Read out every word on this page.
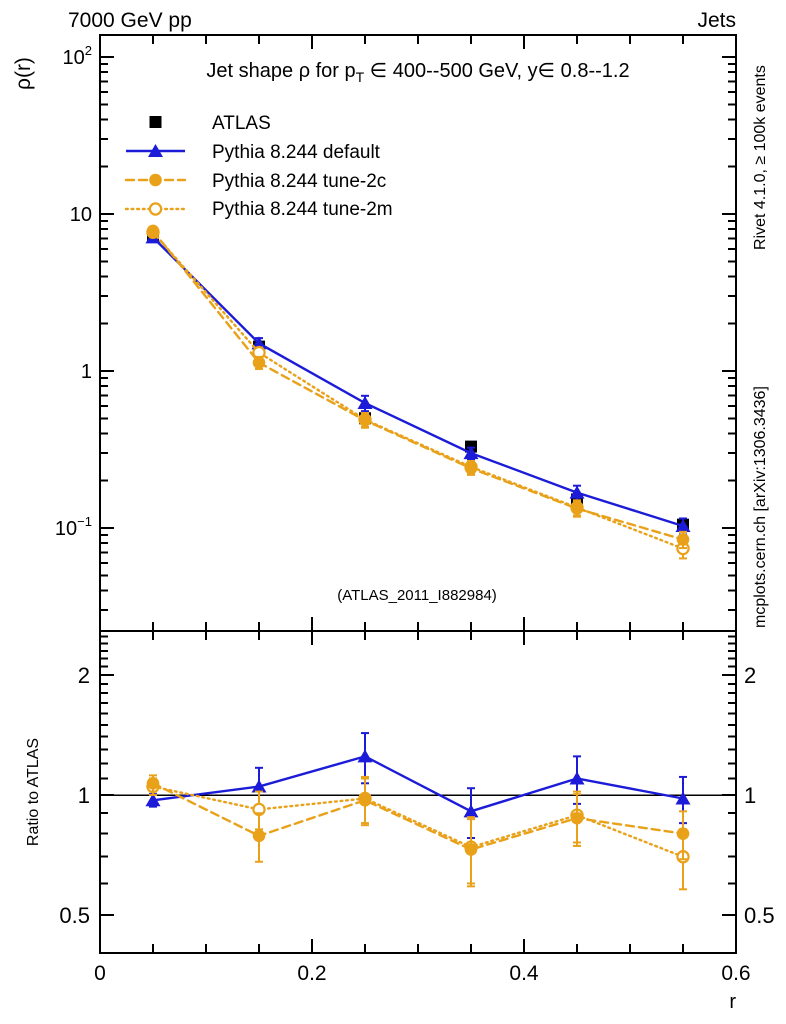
0	0.2	0.4	0.6
$10^2$
10
1
$10^{-1}$
2	2
1	1
0.5	0.5
7000 GeV pp	Jets
Jet shape ρ for $p_T$ ∈ 400--500 GeV, y∈ 0.8--1.2
ρ(r)
Ratio to ATLAS
r
(ATLAS_2011_I882984)
Rivet 4.1.0, ≥ 100k events
mcplots.cern.ch [arXiv:1306.3436]
ATLAS
Pythia 8.244 default
Pythia 8.244 tune-2c
Pythia 8.244 tune-2m
